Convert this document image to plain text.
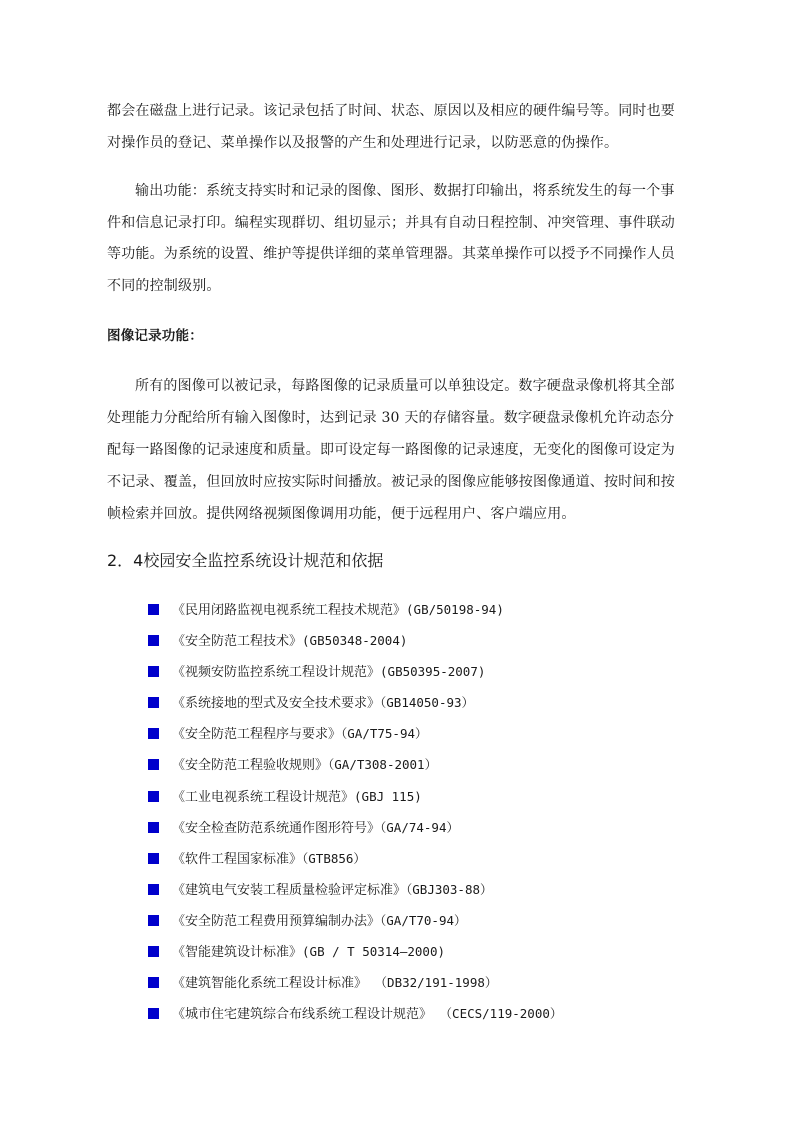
都会在磁盘上进行记录。该记录包括了时间、状态、原因以及相应的硬件编号等。同时也要
对操作员的登记、菜单操作以及报警的产生和处理进行记录，以防恶意的伪操作。
输出功能：系统支持实时和记录的图像、图形、数据打印输出，将系统发生的每一个事
件和信息记录打印。编程实现群切、组切显示；并具有自动日程控制、冲突管理、事件联动
等功能。为系统的设置、维护等提供详细的菜单管理器。其菜单操作可以授予不同操作人员
不同的控制级别。
图像记录功能：
所有的图像可以被记录，每路图像的记录质量可以单独设定。数字硬盘录像机将其全部
处理能力分配给所有输入图像时，达到记录 30 天的存储容量。数字硬盘录像机允许动态分
配每一路图像的记录速度和质量。即可设定每一路图像的记录速度，无变化的图像可设定为
不记录、覆盖，但回放时应按实际时间播放。被记录的图像应能够按图像通道、按时间和按
帧检索并回放。提供网络视频图像调用功能，便于远程用户、客户端应用。
2．4校园安全监控系统设计规范和依据
《民用闭路监视电视系统工程技术规范》(GB/50198-94)
《安全防范工程技术》(GB50348-2004)
《视频安防监控系统工程设计规范》(GB50395-2007)
《系统接地的型式及安全技术要求》（GB14050-93）
《安全防范工程程序与要求》（GA/T75-94）
《安全防范工程验收规则》（GA/T308-2001）
《工业电视系统工程设计规范》(GBJ 115)
《安全检查防范系统通作图形符号》（GA/74-94）
《软件工程国家标准》（GTB856）
《建筑电气安装工程质量检验评定标准》（GBJ303-88）
《安全防范工程费用预算编制办法》（GA/T70-94）
《智能建筑设计标准》(GB / T 50314—2000)
《建筑智能化系统工程设计标准》 （DB32/191-1998）
《城市住宅建筑综合布线系统工程设计规范》 （CECS/119-2000）
